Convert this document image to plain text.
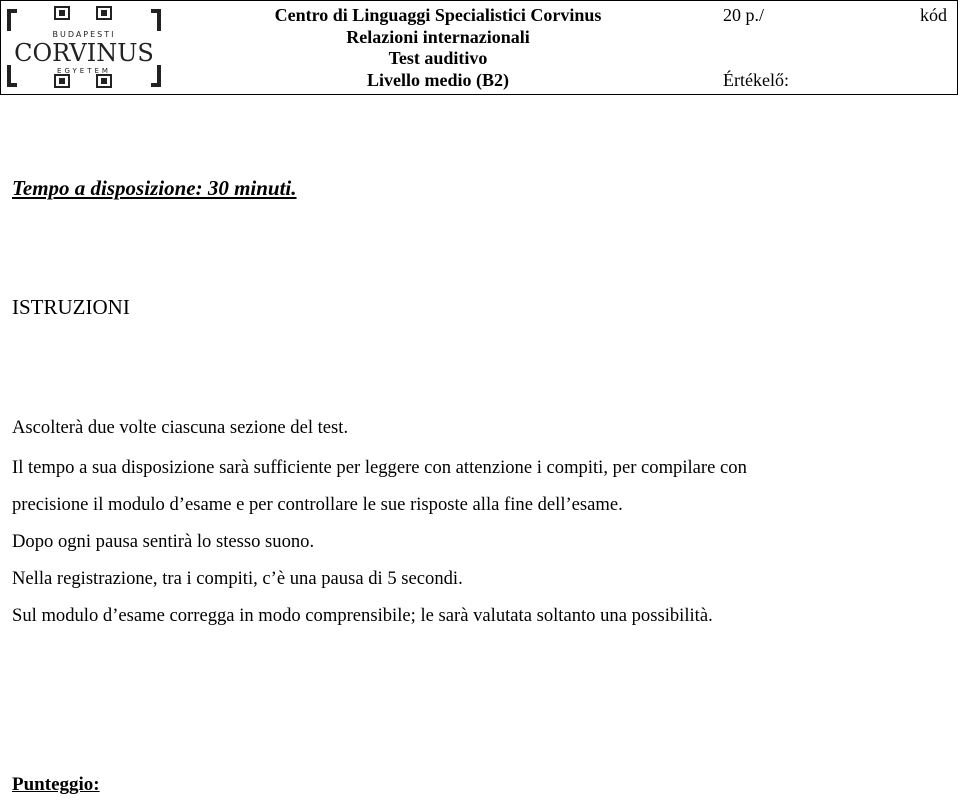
BUDAPESTI
CORVINUS
EGYETEM
Centro di Linguaggi Specialistici Corvinus
Relazioni internazionali
Test auditivo
Livello medio (B2)
20 p./	kód
Értékelő:
Tempo a disposizione: 30 minuti.
ISTRUZIONI
Ascolterà due volte ciascuna sezione del test.
Il tempo a sua disposizione sarà sufficiente per leggere con attenzione i compiti, per compilare con
precisione il modulo d’esame e per controllare le sue risposte alla fine dell’esame.
Dopo ogni pausa sentirà lo stesso suono.
Nella registrazione, tra i compiti, c’è una pausa di 5 secondi.
Sul modulo d’esame corregga in modo comprensibile; le sarà valutata soltanto una possibilità.
Punteggio:
